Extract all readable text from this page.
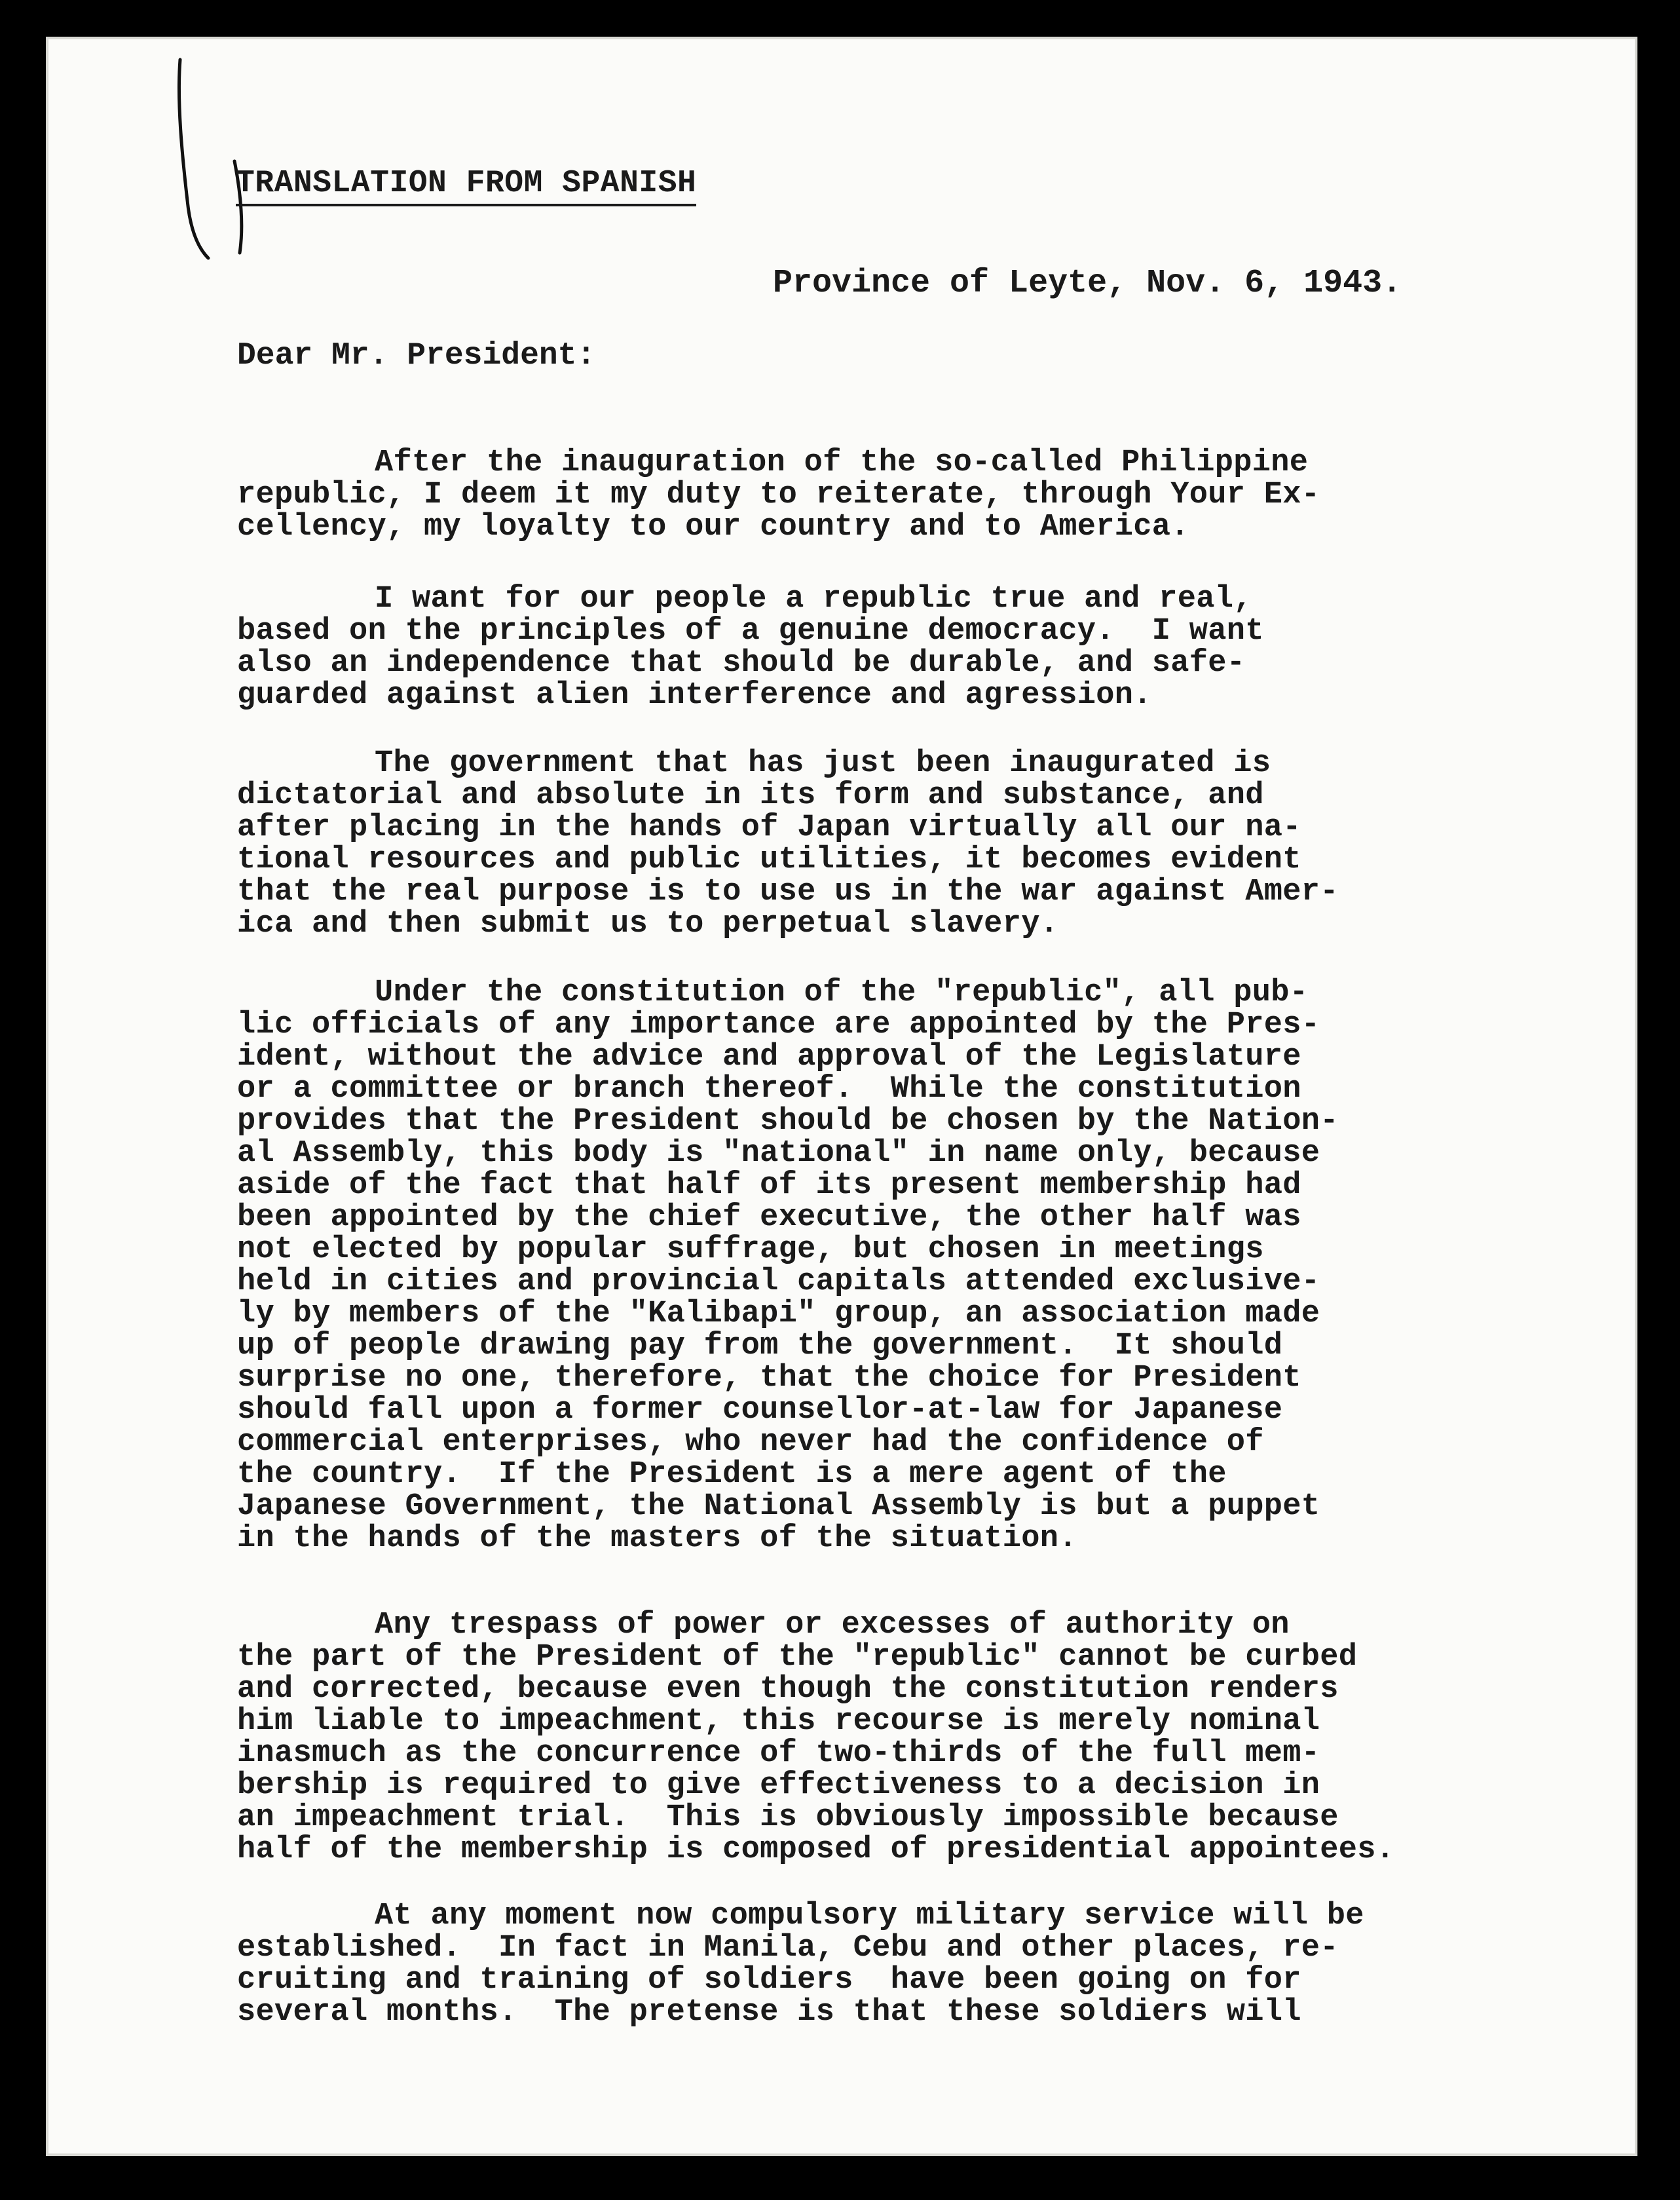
TRANSLATION FROM SPANISH
Province of Leyte, Nov. 6, 1943.
Dear Mr. President:
After the inauguration of the so-called Philippine
republic, I deem it my duty to reiterate, through Your Ex-
cellency, my loyalty to our country and to America.
I want for our people a republic true and real,
based on the principles of a genuine democracy.  I want
also an independence that should be durable, and safe-
guarded against alien interference and agression.
The government that has just been inaugurated is
dictatorial and absolute in its form and substance, and
after placing in the hands of Japan virtually all our na-
tional resources and public utilities, it becomes evident
that the real purpose is to use us in the war against Amer-
ica and then submit us to perpetual slavery.
Under the constitution of the "republic", all pub-
lic officials of any importance are appointed by the Pres-
ident, without the advice and approval of the Legislature
or a committee or branch thereof.  While the constitution
provides that the President should be chosen by the Nation-
al Assembly, this body is "national" in name only, because
aside of the fact that half of its present membership had
been appointed by the chief executive, the other half was
not elected by popular suffrage, but chosen in meetings
held in cities and provincial capitals attended exclusive-
ly by members of the "Kalibapi" group, an association made
up of people drawing pay from the government.  It should
surprise no one, therefore, that the choice for President
should fall upon a former counsellor-at-law for Japanese
commercial enterprises, who never had the confidence of
the country.  If the President is a mere agent of the
Japanese Government, the National Assembly is but a puppet
in the hands of the masters of the situation.
Any trespass of power or excesses of authority on
the part of the President of the "republic" cannot be curbed
and corrected, because even though the constitution renders
him liable to impeachment, this recourse is merely nominal
inasmuch as the concurrence of two-thirds of the full mem-
bership is required to give effectiveness to a decision in
an impeachment trial.  This is obviously impossible because
half of the membership is composed of presidential appointees.
At any moment now compulsory military service will be
established.  In fact in Manila, Cebu and other places, re-
cruiting and training of soldiers  have been going on for
several months.  The pretense is that these soldiers will
